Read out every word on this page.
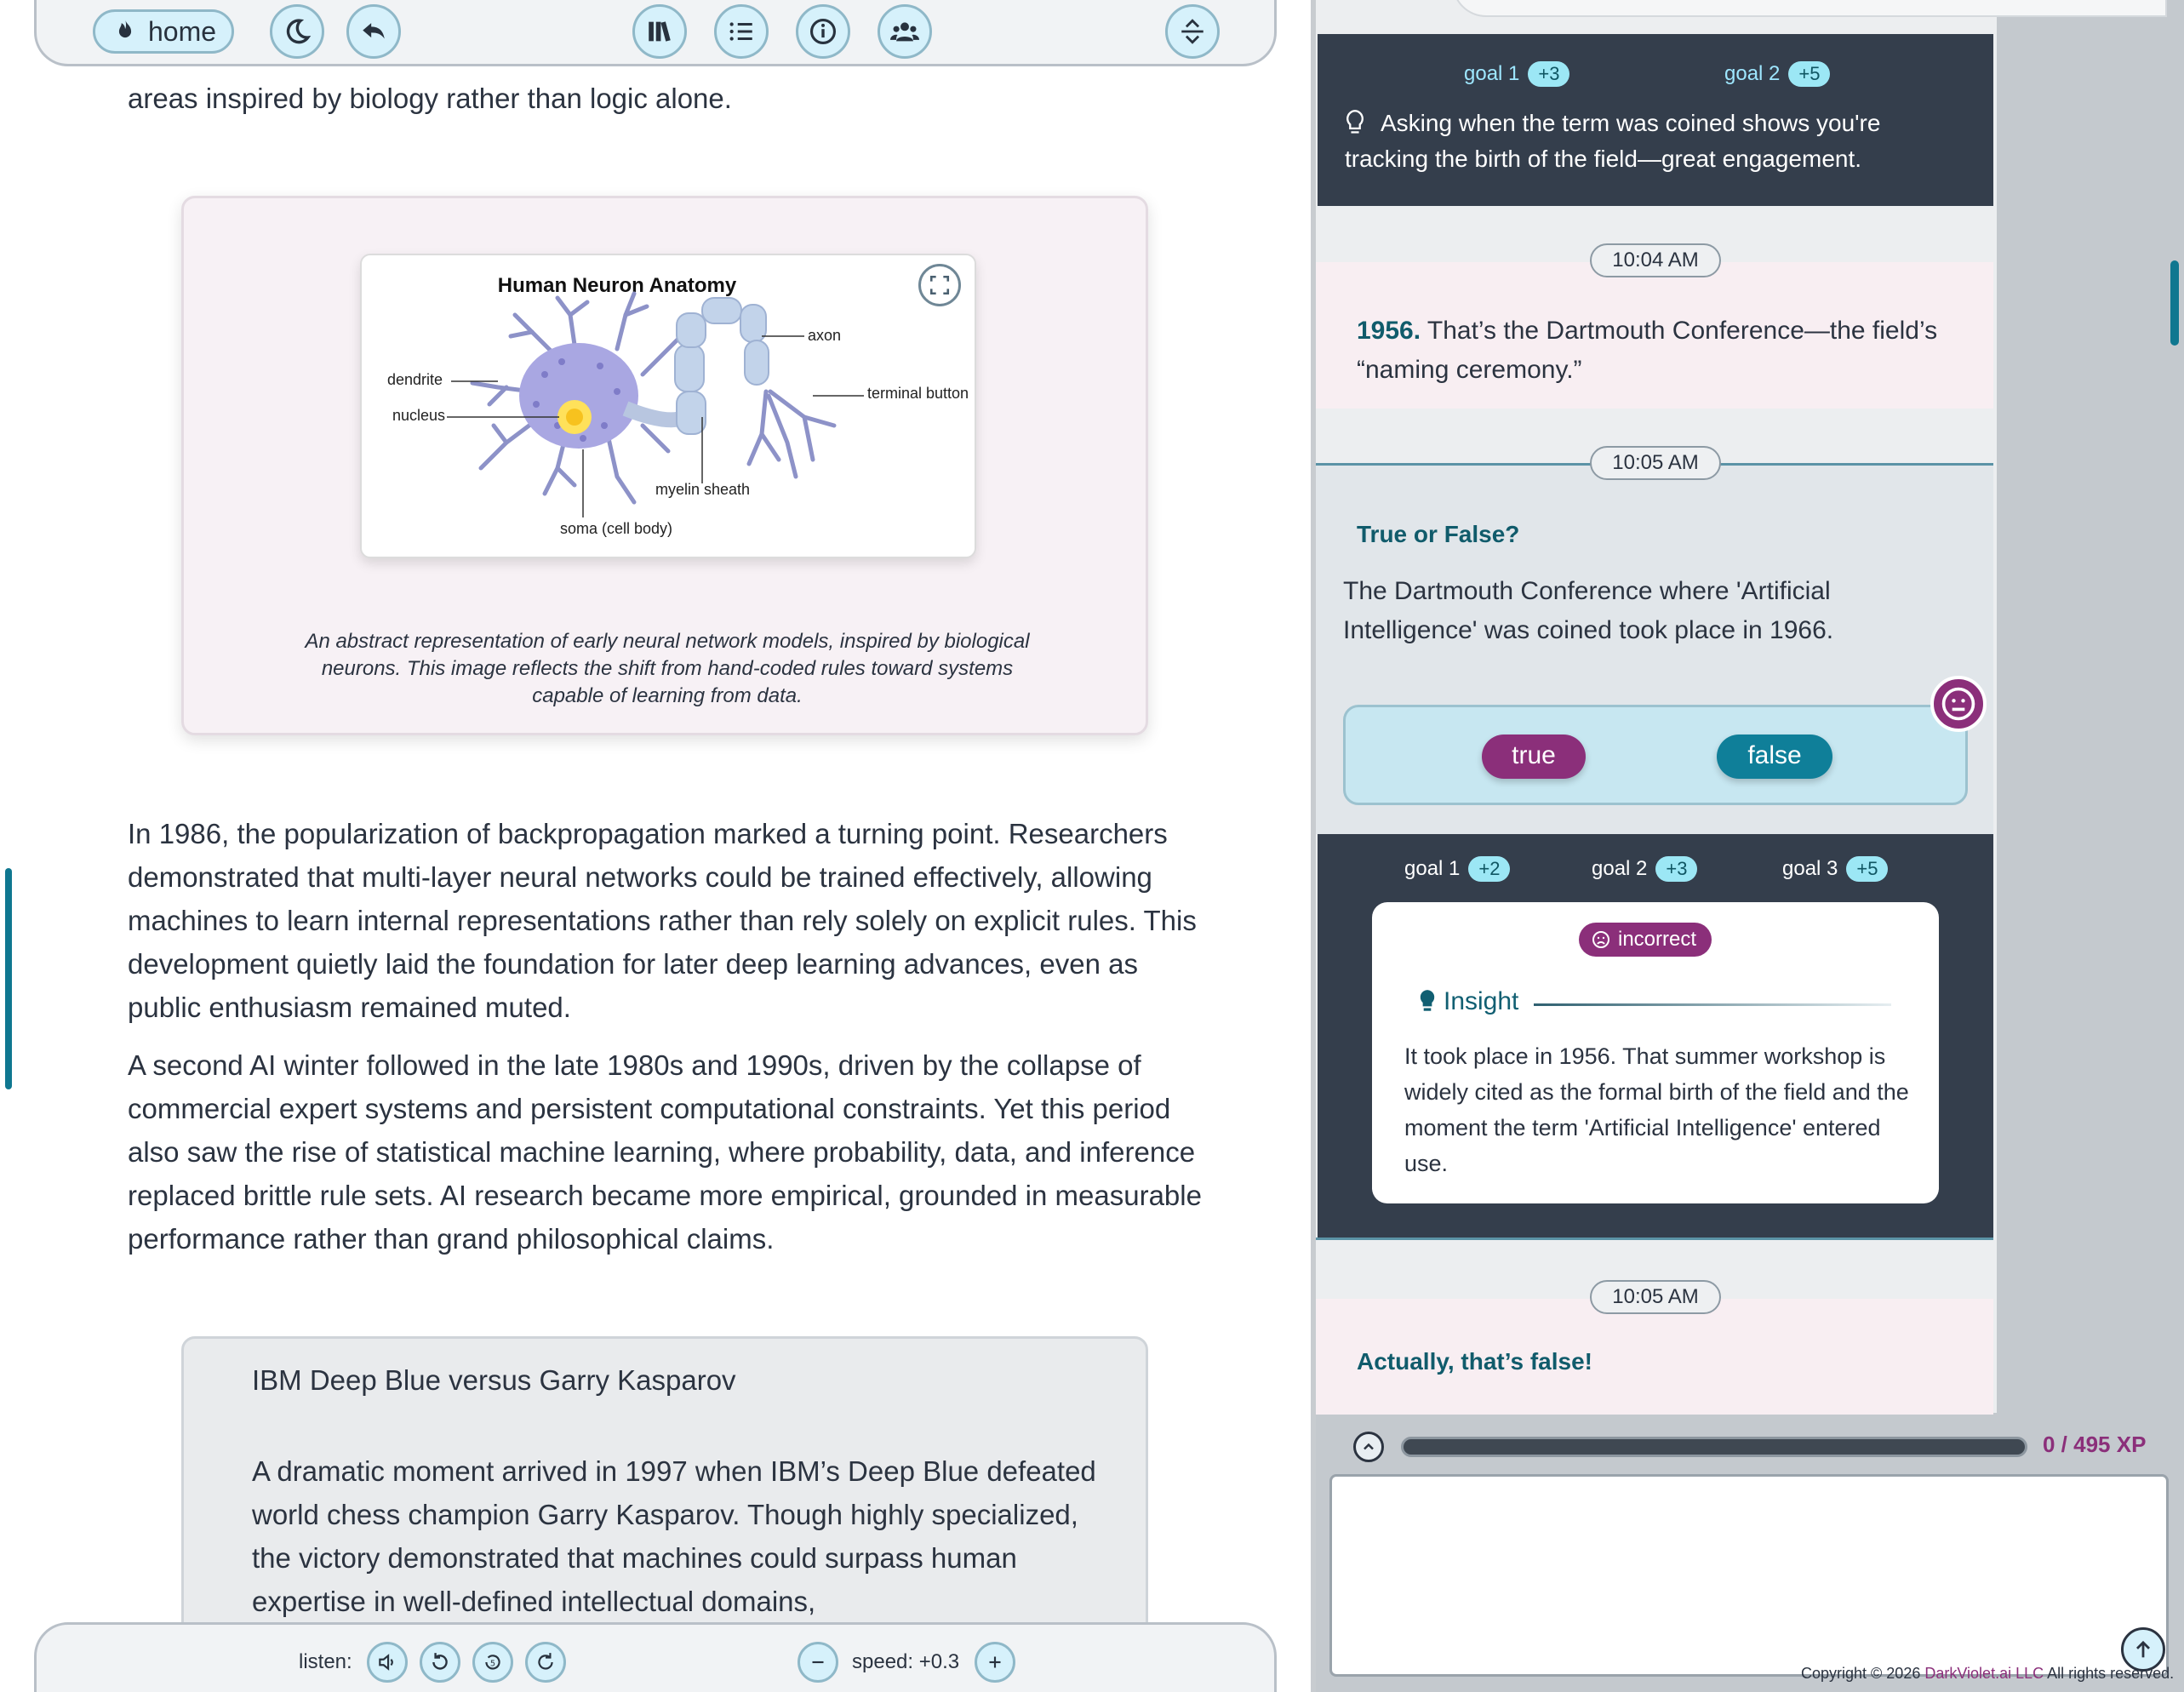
home

areas inspired by biology rather than logic alone.

Human Neuron Anatomy
dendrite
nucleus
axon
terminal button
myelin sheath
soma (cell body)

An abstract representation of early neural network models, inspired by biological neurons. This image reflects the shift from hand-coded rules toward systems capable of learning from data.

In 1986, the popularization of backpropagation marked a turning point. Researchers demonstrated that multi-layer neural networks could be trained effectively, allowing machines to learn internal representations rather than rely solely on explicit rules. This development quietly laid the foundation for later deep learning advances, even as public enthusiasm remained muted.

A second AI winter followed in the late 1980s and 1990s, driven by the collapse of commercial expert systems and persistent computational constraints. Yet this period also saw the rise of statistical machine learning, where probability, data, and inference replaced brittle rule sets. AI research became more empirical, grounded in measurable performance rather than grand philosophical claims.

IBM Deep Blue versus Garry Kasparov

A dramatic moment arrived in 1997 when IBM’s Deep Blue defeated world chess champion Garry Kasparov. Though highly specialized, the victory demonstrated that machines could surpass human expertise in well-defined intellectual domains,

listen:	5	speed: +0.3
goal 1	+3	goal 2	+5

Asking when the term was coined shows you're tracking the birth of the field—great engagement.

1956. That’s the Dartmouth Conference—the field’s “naming ceremony.”

10:04 AM
True or False?

The Dartmouth Conference where 'Artificial Intelligence' was coined took place in 1966.

true	false
10:05 AM
goal 1	+2	goal 2	+3	goal 3	+5
incorrect
Insight

It took place in 1956. That summer workshop is widely cited as the formal birth of the field and the moment the term 'Artificial Intelligence' entered use.

Actually, that’s false!

10:05 AM
0 / 495 XP
Copyright © 2026 DarkViolet.ai LLC All rights reserved.
